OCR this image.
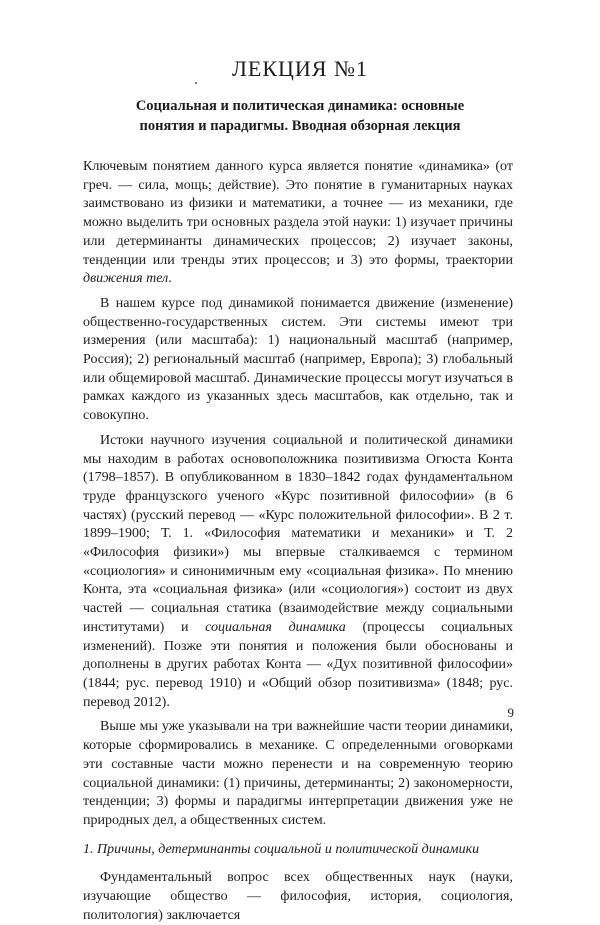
ЛЕКЦИЯ №1
Социальная и политическая динамика: основные
понятия и парадигмы. Вводная обзорная лекция

Ключевым понятием данного курса является понятие «динамика» (от греч. — сила, мощь; действие). Это понятие в гуманитарных науках заимствовано из физики и математики, а точнее — из механики, где можно выделить три основных раздела этой науки: 1) изучает причины или детерминанты динамических процессов; 2) изучает законы, тенденции или тренды этих процессов; и 3) это формы, траектории движения тел.

В нашем курсе под динамикой понимается движение (изменение) общественно-государственных систем. Эти системы имеют три измерения (или масштаба): 1) национальный масштаб (например, Россия); 2) региональный масштаб (например, Европа); 3) глобальный или общемировой масштаб. Динамические процессы могут изучаться в рамках каждого из указанных здесь масштабов, как отдельно, так и совокупно.

Истоки научного изучения социальной и политической динамики мы находим в работах основоположника позитивизма Огюста Конта (1798–1857). В опубликованном в 1830–1842 годах фундаментальном труде французского ученого «Курс позитивной философии» (в 6 частях) (русский перевод — «Курс положительной философии». В 2 т. 1899–1900; Т. 1. «Философия математики и механики» и Т. 2 «Философия физики») мы впервые сталкиваемся с термином «социология» и синонимичным ему «социальная физика». По мнению Конта, эта «социальная физика» (или «социология») состоит из двух частей — социальная статика (взаимодействие между социальными институтами) и социальная динамика (процессы социальных изменений). Позже эти понятия и положения были обоснованы и дополнены в других работах Конта — «Дух позитивной философии» (1844; рус. перевод 1910) и «Общий обзор позитивизма» (1848; рус. перевод 2012).

Выше мы уже указывали на три важнейшие части теории динамики, которые сформировались в механике. С определенными оговорками эти составные части можно перенести и на современную теорию социальной динамики: (1) причины, детерминанты; 2) закономерности, тенденции; 3) формы и парадигмы интерпретации движения уже не природных дел, а общественных систем.

1. Причины, детерминанты социальной и политической динамики

Фундаментальный вопрос всех общественных наук (науки, изучающие общество — философия, история, социология, политология) заключается

9
